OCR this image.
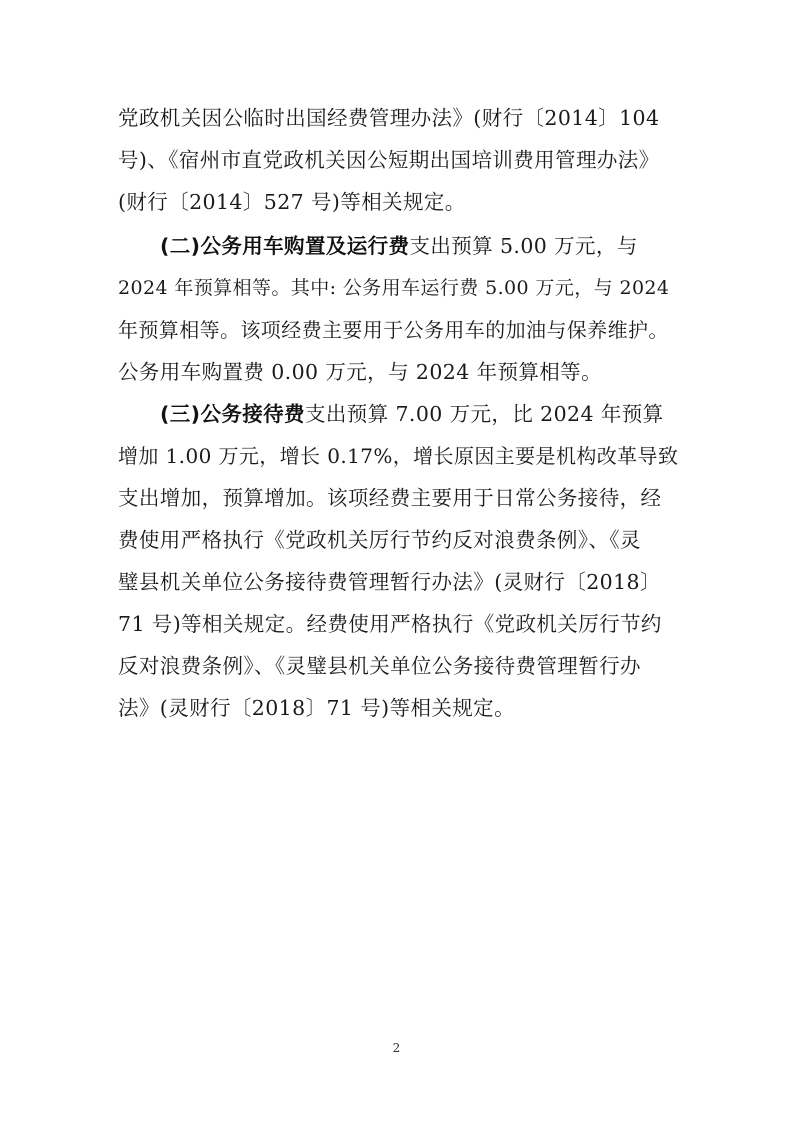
党政机关因公临时出国经费管理办法》(财行〔2014〕104
号)、《宿州市直党政机关因公短期出国培训费用管理办法》
(财行〔2014〕527 号)等相关规定。
(二)公务用车购置及运行费支出预算 5.00 万元，与
2024 年预算相等。其中: 公务用车运行费 5.00 万元，与 2024
年预算相等。该项经费主要用于公务用车的加油与保养维护。
公务用车购置费 0.00 万元，与 2024 年预算相等。
(三)公务接待费支出预算 7.00 万元，比 2024 年预算
增加 1.00 万元，增长 0.17%，增长原因主要是机构改革导致
支出增加，预算增加。该项经费主要用于日常公务接待，经
费使用严格执行《党政机关厉行节约反对浪费条例》、《灵
璧县机关单位公务接待费管理暂行办法》(灵财行〔2018〕
71 号)等相关规定。经费使用严格执行《党政机关厉行节约
反对浪费条例》、《灵璧县机关单位公务接待费管理暂行办
法》(灵财行〔2018〕71 号)等相关规定。
2
